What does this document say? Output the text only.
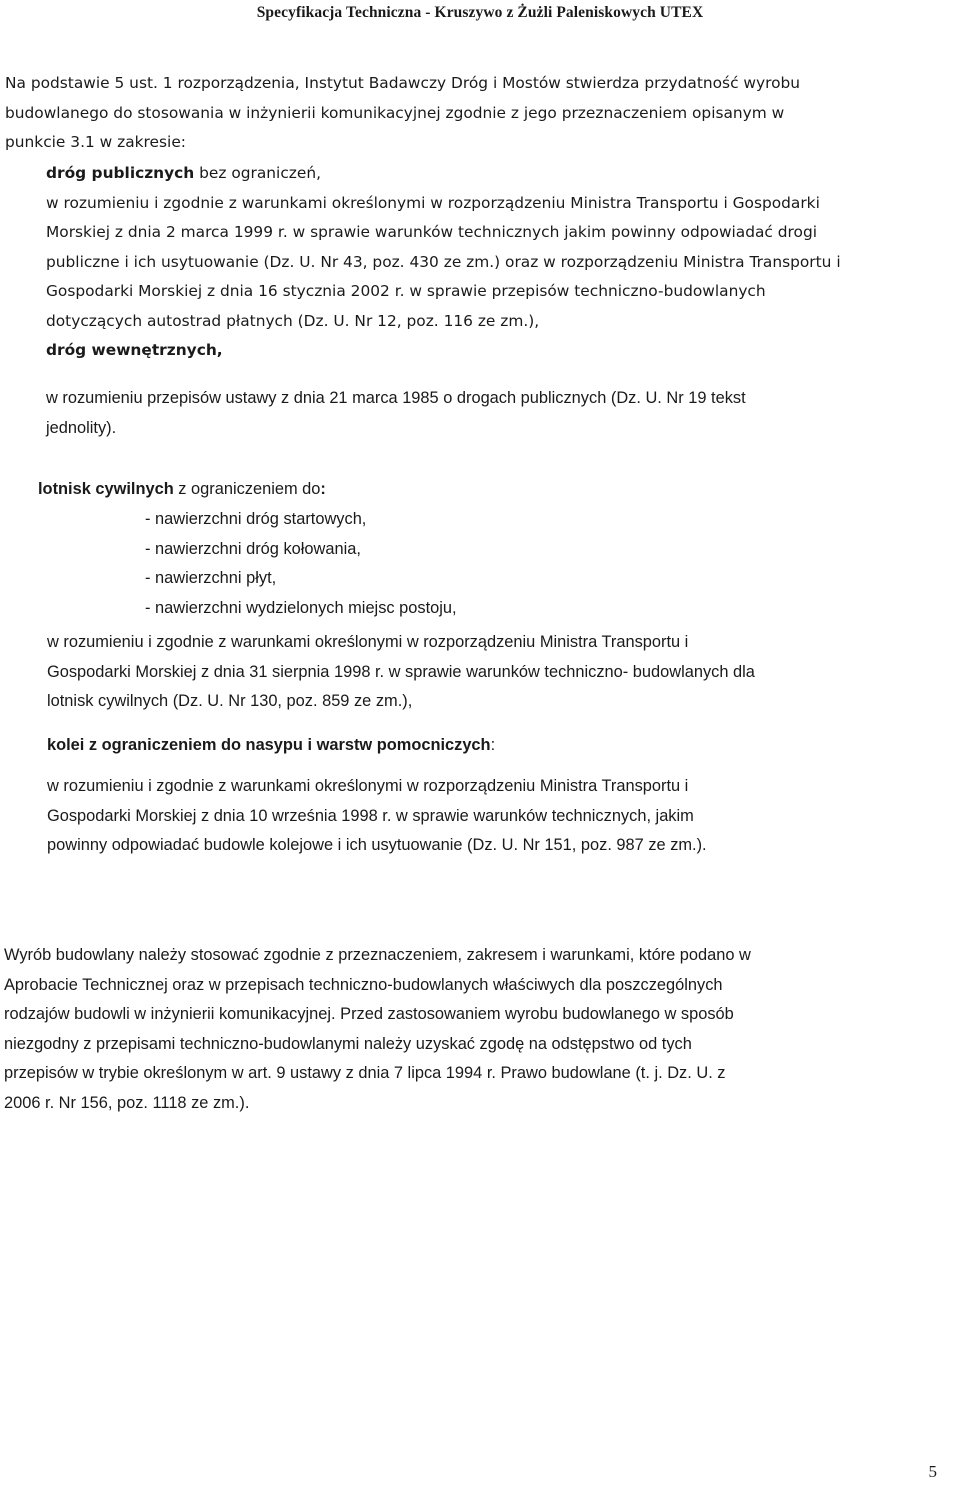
Specyfikacja Techniczna - Kruszywo z Żużli Paleniskowych UTEX
Na podstawie 5 ust. 1 rozporządzenia, Instytut Badawczy Dróg i Mostów stwierdza przydatność wyrobu
budowlanego do stosowania w inżynierii komunikacyjnej zgodnie z jego przeznaczeniem opisanym w
punkcie 3.1 w zakresie:
dróg publicznych bez ograniczeń,
w rozumieniu i zgodnie z warunkami określonymi w rozporządzeniu Ministra Transportu i Gospodarki
Morskiej z dnia 2 marca 1999 r. w sprawie warunków technicznych jakim powinny odpowiadać drogi
publiczne i ich usytuowanie (Dz. U. Nr 43, poz. 430 ze zm.) oraz w rozporządzeniu Ministra Transportu i
Gospodarki Morskiej z dnia 16 stycznia 2002 r. w sprawie przepisów techniczno-budowlanych
dotyczących autostrad płatnych (Dz. U. Nr 12, poz. 116 ze zm.),
dróg wewnętrznych,
w rozumieniu przepisów ustawy z dnia 21 marca 1985 o drogach publicznych (Dz. U. Nr 19 tekst
jednolity).
lotnisk cywilnych z ograniczeniem do:
- nawierzchni dróg startowych,
- nawierzchni dróg kołowania,
- nawierzchni płyt,
- nawierzchni wydzielonych miejsc postoju,
w rozumieniu i zgodnie z warunkami określonymi w rozporządzeniu Ministra Transportu i
Gospodarki Morskiej z dnia 31 sierpnia 1998 r. w sprawie warunków techniczno- budowlanych dla
lotnisk cywilnych (Dz. U. Nr 130, poz. 859 ze zm.),
kolei z ograniczeniem do nasypu i warstw pomocniczych:
w rozumieniu i zgodnie z warunkami określonymi w rozporządzeniu Ministra Transportu i
Gospodarki Morskiej z dnia 10 września 1998 r. w sprawie warunków technicznych, jakim
powinny odpowiadać budowle kolejowe i ich usytuowanie (Dz. U. Nr 151, poz. 987 ze zm.).
Wyrób budowlany należy stosować zgodnie z przeznaczeniem, zakresem i warunkami, które podano w
Aprobacie Technicznej oraz w przepisach techniczno-budowlanych właściwych dla poszczególnych
rodzajów budowli w inżynierii komunikacyjnej. Przed zastosowaniem wyrobu budowlanego w sposób
niezgodny z przepisami techniczno-budowlanymi należy uzyskać zgodę na odstępstwo od tych
przepisów w trybie określonym w art. 9 ustawy z dnia 7 lipca 1994 r. Prawo budowlane (t. j. Dz. U. z
2006 r. Nr 156, poz. 1118 ze zm.).
5
